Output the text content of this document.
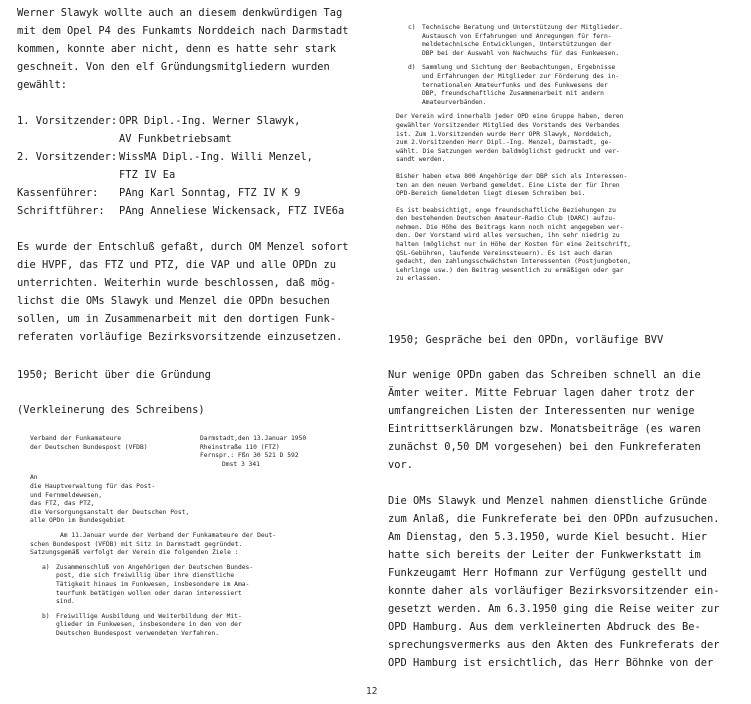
Werner Slawyk wollte auch an diesem denkwürdigen Tag
mit dem Opel P4 des Funkamts Norddeich nach Darmstadt
kommen, konnte aber nicht, denn es hatte sehr stark
geschneit. Von den elf Gründungsmitgliedern wurden
gewählt:
1. Vorsitzender: OPR Dipl.-Ing. Werner Slawyk,
AV Funkbetriebsamt
2. Vorsitzender: WissMA Dipl.-Ing. Willi Menzel,
FTZ IV Ea
Kassenführer:	PAng Karl Sonntag, FTZ IV K 9
Schriftführer:	PAng Anneliese Wickensack, FTZ IVE6a
Es wurde der Entschluß gefaßt, durch OM Menzel sofort
die HVPF, das FTZ und PTZ, die VAP und alle OPDn zu
unterrichten. Weiterhin wurde beschlossen, daß mög-
lichst die OMs Slawyk und Menzel die OPDn besuchen
sollen, um in Zusammenarbeit mit den dortigen Funk-
referaten vorläufige Bezirksvorsitzende einzusetzen.
c)	Technische Beratung und Unterstützung der Mitglieder.
Austausch von Erfahrungen und Anregungen für fern-
meldetechnische Entwicklungen, Unterstützungen der
DBP bei der Auswahl von Nachwuchs für das Funkwesen.
d)	Sammlung und Sichtung der Beobachtungen, Ergebnisse
und Erfahrungen der Mitglieder zur Förderung des in-
ternationalen Amateurfunks und des Funkwesens der
DBP, freundschaftliche Zusammenarbeit mit andern
Amateurverbänden.
Der Verein wird innerhalb jeder OPD eine Gruppe haben, deren
gewählter Vorsitzender Mitglied des Vorstands des Verbandes
ist. Zum 1.Vorsitzenden wurde Herr OPR Slawyk, Norddeich,
zum 2.Vorsitzenden Herr Dipl.-Ing. Menzel, Darmstadt, ge-
wählt. Die Satzungen werden baldmöglichst gedruckt und ver-
sandt werden.
Bisher haben etwa 800 Angehörige der DBP sich als Interessen-
ten an den neuen Verband gemeldet. Eine Liste der für Ihren
OPD-Bereich Gemeldeten liegt diesem Schreiben bei.
Es ist beabsichtigt, enge freundschaftliche Beziehungen zu
den bestehenden Deutschen Amateur-Radio Club (DARC) aufzu-
nehmen. Die Höhe des Beitrags kann noch nicht angegeben wer-
den. Der Vorstand wird alles versuchen, ihn sehr niedrig zu
halten (möglichst nur in Höhe der Kosten für eine Zeitschrift,
QSL-Gebühren, laufende Vereinssteuern). Es ist auch daran
gedacht, den zahlungsschwächsten Interessenten (Postjungboten,
Lehrlinge usw.) den Beitrag wesentlich zu ermäßigen oder gar
zu erlassen.
1950; Bericht über die Gründung
(Verkleinerung des Schreibens)
Verband der Funkamateure
der Deutschen Bundespost (VFDB)
Darmstadt,den 13.Januar 1950
Rheinstraße 110 (FTZ)
Fernspr.: Fßn 30 521 D 592
Dmst 3 341
An
die Hauptverwaltung für das Post-
und Fernmeldewesen,
das FTZ, das PTZ,
die Versorgungsanstalt der Deutschen Post,
alle OPDn im Bundesgebiet
Am 11.Januar wurde der Verband der Funkamateure der Deut-
schen Bundespost (VFDB) mit Sitz in Darmstadt gegründet.
Satzungsgemäß verfolgt der Verein die folgenden Ziele :
a)	Zusammenschluß von Angehörigen der Deutschen Bundes-
post, die sich freiwillig über ihre dienstliche
Tätigkeit hinaus im Funkwesen, insbesondere im Ama-
teurfunk betätigen wollen oder daran interessiert
sind.
b)	Freiwillige Ausbildung und Weiterbildung der Mit-
glieder im Funkwesen, insbesondere in den von der
Deutschen Bundespost verwendeten Verfahren.
1950; Gespräche bei den OPDn, vorläufige BVV
Nur wenige OPDn gaben das Schreiben schnell an die
Ämter weiter. Mitte Februar lagen daher trotz der
umfangreichen Listen der Interessenten nur wenige
Eintrittserklärungen bzw. Monatsbeiträge (es waren
zunächst 0,50 DM vorgesehen) bei den Funkreferaten
vor.
Die OMs Slawyk und Menzel nahmen dienstliche Gründe
zum Anlaß, die Funkreferate bei den OPDn aufzusuchen.
Am Dienstag, den 5.3.1950, wurde Kiel besucht. Hier
hatte sich bereits der Leiter der Funkwerkstatt im
Funkzeugamt Herr Hofmann zur Verfügung gestellt und
konnte daher als vorläufiger Bezirksvorsitzender ein-
gesetzt werden. Am 6.3.1950 ging die Reise weiter zur
OPD Hamburg. Aus dem verkleinerten Abdruck des Be-
sprechungsvermerks aus den Akten des Funkreferats der
OPD Hamburg ist ersichtlich, das Herr Böhnke von der
12
